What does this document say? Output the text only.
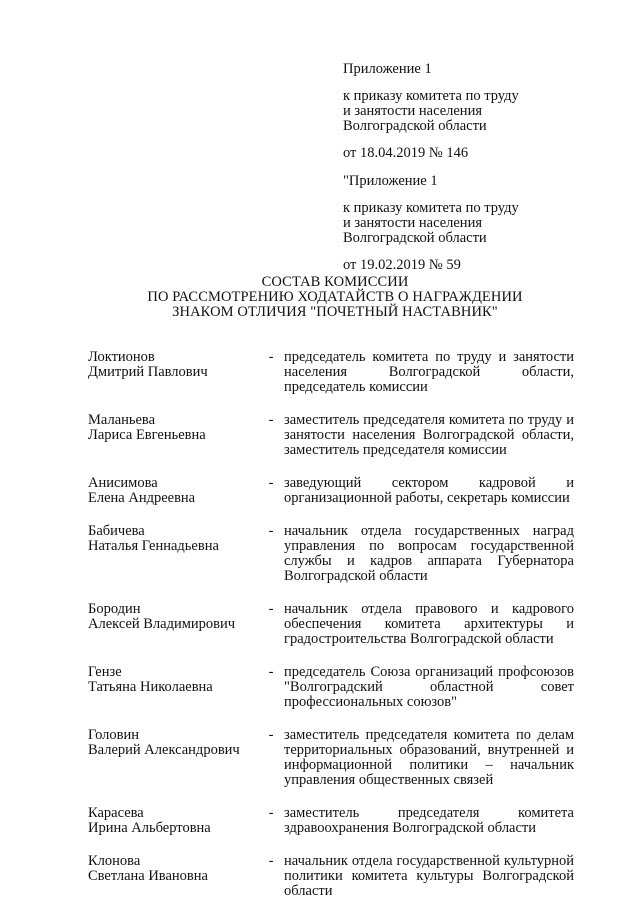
Приложение 1

к приказу комитета по труду
и занятости населения
Волгоградской области

от 18.04.2019 № 146

"Приложение 1

к приказу комитета по труду
и занятости населения
Волгоградской области

от 19.02.2019 № 59

СОСТАВ КОМИССИИ
ПО РАССМОТРЕНИЮ ХОДАТАЙСТВ О НАГРАЖДЕНИИ
ЗНАКОМ ОТЛИЧИЯ "ПОЧЕТНЫЙ НАСТАВНИК"
Локтионов
Дмитрий Павлович
- председатель комитета по труду и занятости населения Волгоградской области, председатель комиссии
Маланьева
Лариса Евгеньевна
- заместитель председателя комитета по труду и занятости населения Волгоградской области, заместитель председателя комиссии
Анисимова
Елена Андреевна
- заведующий сектором кадровой и организационной работы, секретарь комиссии
Бабичева
Наталья Геннадьевна
- начальник отдела государственных наград управления по вопросам государственной службы и кадров аппарата Губернатора Волгоградской области
Бородин
Алексей Владимирович
- начальник отдела правового и кадрового обеспечения комитета архитектуры и градостроительства Волгоградской области
Гензе
Татьяна Николаевна
- председатель Союза организаций профсоюзов "Волгоградский областной совет профессиональных союзов"
Головин
Валерий Александрович
- заместитель председателя комитета по делам территориальных образований, внутренней и информационной политики – начальник управления общественных связей
Карасева
Ирина Альбертовна
- заместитель председателя комитета здравоохранения Волгоградской области
Клонова
Светлана Ивановна
- начальник отдела государственной культурной политики комитета культуры Волгоградской области
